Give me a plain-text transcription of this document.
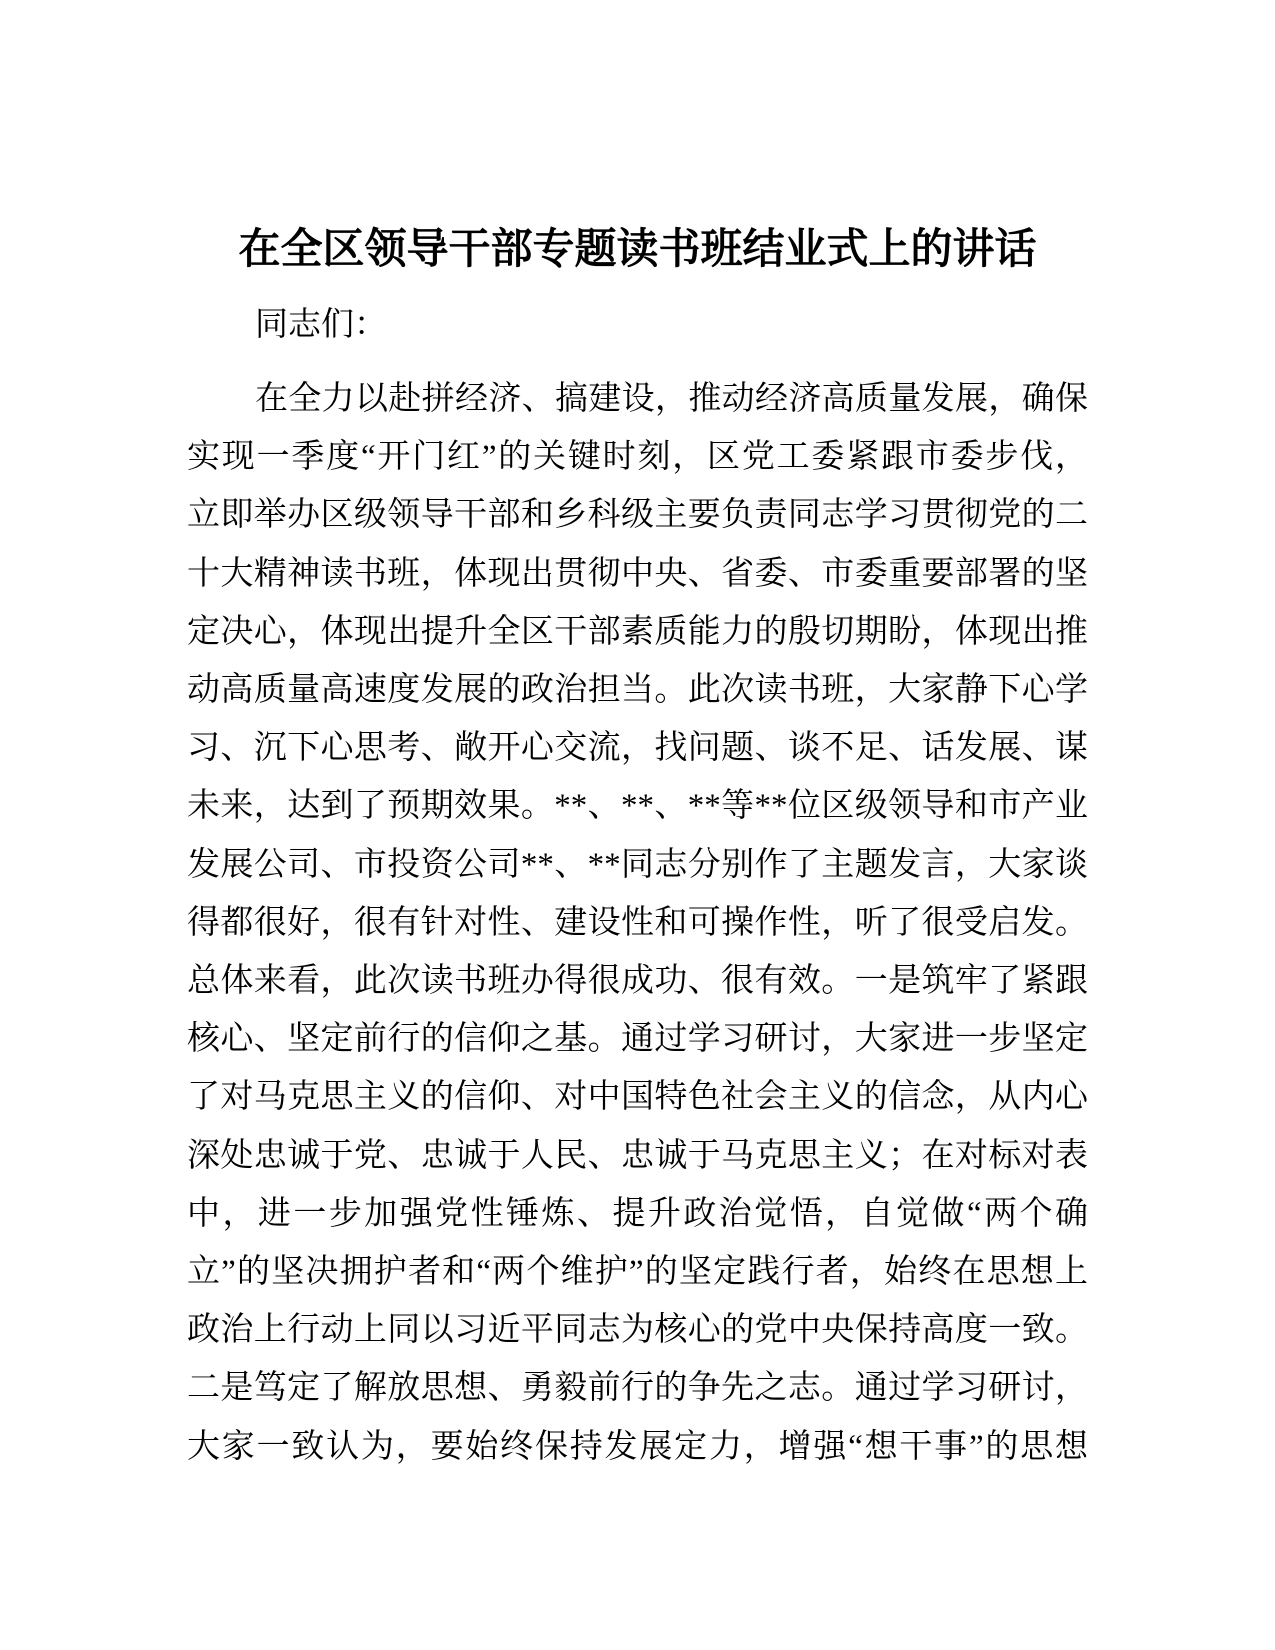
在全区领导干部专题读书班结业式上的讲话

同志们：

在全力以赴拼经济、搞建设，推动经济高质量发展，确保
实现一季度“开门红”的关键时刻，区党工委紧跟市委步伐，
立即举办区级领导干部和乡科级主要负责同志学习贯彻党的二
十大精神读书班，体现出贯彻中央、省委、市委重要部署的坚
定决心，体现出提升全区干部素质能力的殷切期盼，体现出推
动高质量高速度发展的政治担当。此次读书班，大家静下心学
习、沉下心思考、敞开心交流，找问题、谈不足、话发展、谋
未来，达到了预期效果。**、**、**等**位区级领导和市产业
发展公司、市投资公司**、**同志分别作了主题发言，大家谈
得都很好，很有针对性、建设性和可操作性，听了很受启发。
总体来看，此次读书班办得很成功、很有效。一是筑牢了紧跟
核心、坚定前行的信仰之基。通过学习研讨，大家进一步坚定
了对马克思主义的信仰、对中国特色社会主义的信念，从内心
深处忠诚于党、忠诚于人民、忠诚于马克思主义；在对标对表
中，进一步加强党性锤炼、提升政治觉悟，自觉做“两个确
立”的坚决拥护者和“两个维护”的坚定践行者，始终在思想上
政治上行动上同以习近平同志为核心的党中央保持高度一致。
二是笃定了解放思想、勇毅前行的争先之志。通过学习研讨，
大家一致认为，要始终保持发展定力，增强“想干事”的思想
